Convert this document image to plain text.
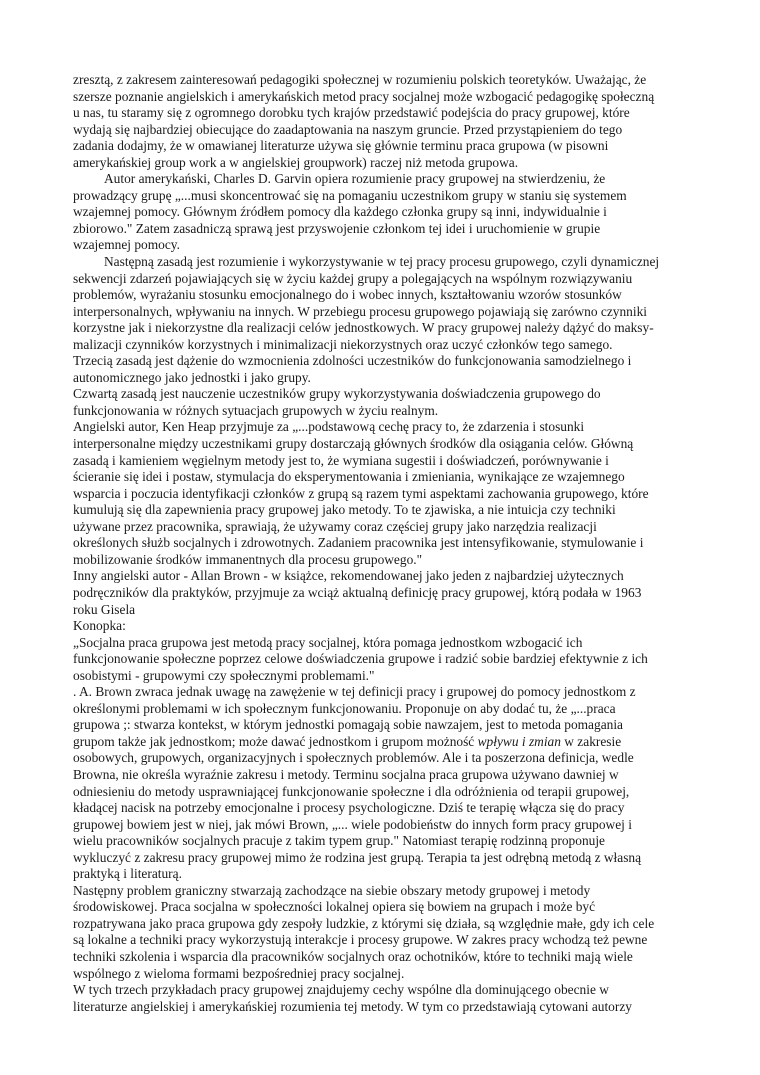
zresztą, z zakresem zainteresowań pedagogiki społecznej w rozumieniu polskich teoretyków. Uważając, że
szersze poznanie angielskich i amerykańskich metod pracy socjalnej może wzbogacić pedagogikę społeczną
u nas, tu staramy się z ogromnego dorobku tych krajów przedstawić podejścia do pracy grupowej, które
wydają się najbardziej obiecujące do zaadaptowania na naszym gruncie. Przed przystąpieniem do tego
zadania dodajmy, że w omawianej literaturze używa się głównie terminu praca grupowa (w pisowni
amerykańskiej group work a w angielskiej groupwork) raczej niż metoda grupowa.
Autor amerykański, Charles D. Garvin opiera rozumienie pracy grupowej na stwierdzeniu, że
prowadzący grupę „...musi skoncentrować się na pomaganiu uczestnikom grupy w staniu się systemem
wzajemnej pomocy. Głównym źródłem pomocy dla każdego członka grupy są inni, indywidualnie i
zbiorowo." Zatem zasadniczą sprawą jest przyswojenie członkom tej idei i uruchomienie w grupie
wzajemnej pomocy.
Następną zasadą jest rozumienie i wykorzystywanie w tej pracy procesu grupowego, czyli dynamicznej
sekwencji zdarzeń pojawiających się w życiu każdej grupy a polegających na wspólnym rozwiązywaniu
problemów, wyrażaniu stosunku emocjonalnego do i wobec innych, kształtowaniu wzorów stosunków
interpersonalnych, wpływaniu na innych. W przebiegu procesu grupowego pojawiają się zarówno czynniki
korzystne jak i niekorzystne dla realizacji celów jednostkowych. W pracy grupowej należy dążyć do maksy-
malizacji czynników korzystnych i minimalizacji niekorzystnych oraz uczyć członków tego samego.
Trzecią zasadą jest dążenie do wzmocnienia zdolności uczestników do funkcjonowania samodzielnego i
autonomicznego jako jednostki i jako grupy.
Czwartą zasadą jest nauczenie uczestników grupy wykorzystywania doświadczenia grupowego do
funkcjonowania w różnych sytuacjach grupowych w życiu realnym.
Angielski autor, Ken Heap przyjmuje za „...podstawową cechę pracy to, że zdarzenia i stosunki
interpersonalne między uczestnikami grupy dostarczają głównych środków dla osiągania celów. Główną
zasadą i kamieniem węgielnym metody jest to, że wymiana sugestii i doświadczeń, porównywanie i
ścieranie się idei i postaw, stymulacja do eksperymentowania i zmieniania, wynikające ze wzajemnego
wsparcia i poczucia identyfikacji członków z grupą są razem tymi aspektami zachowania grupowego, które
kumulują się dla zapewnienia pracy grupowej jako metody. To te zjawiska, a nie intuicja czy techniki
używane przez pracownika, sprawiają, że używamy coraz częściej grupy jako narzędzia realizacji
określonych służb socjalnych i zdrowotnych. Zadaniem pracownika jest intensyfikowanie, stymulowanie i
mobilizowanie środków immanentnych dla procesu grupowego."
Inny angielski autor - Allan Brown - w książce, rekomendowanej jako jeden z najbardziej użytecznych
podręczników dla praktyków, przyjmuje za wciąż aktualną definicję pracy grupowej, którą podała w 1963
roku Gisela
Konopka:
„Socjalna praca grupowa jest metodą pracy socjalnej, która pomaga jednostkom wzbogacić ich
funkcjonowanie społeczne poprzez celowe doświadczenia grupowe i radzić sobie bardziej efektywnie z ich
osobistymi - grupowymi czy społecznymi problemami."
. A. Brown zwraca jednak uwagę na zawężenie w tej definicji pracy i grupowej do pomocy jednostkom z
określonymi problemami w ich społecznym funkcjonowaniu. Proponuje on aby dodać tu, że „...praca
grupowa ;: stwarza kontekst, w którym jednostki pomagają sobie nawzajem, jest to metoda pomagania
grupom także jak jednostkom; może dawać jednostkom i grupom możność wpływu i zmian w zakresie
osobowych, grupowych, organizacyjnych i społecznych problemów. Ale i ta poszerzona definicja, wedle
Browna, nie określa wyraźnie zakresu i metody. Terminu socjalna praca grupowa używano dawniej w
odniesieniu do metody usprawniającej funkcjonowanie społeczne i dla odróżnienia od terapii grupowej,
kładącej nacisk na potrzeby emocjonalne i procesy psychologiczne. Dziś te terapię włącza się do pracy
grupowej bowiem jest w niej, jak mówi Brown, „... wiele podobieństw do innych form pracy grupowej i
wielu pracowników socjalnych pracuje z takim typem grup." Natomiast terapię rodzinną proponuje
wykluczyć z zakresu pracy grupowej mimo że rodzina jest grupą. Terapia ta jest odrębną metodą z własną
praktyką i literaturą.
Następny problem graniczny stwarzają zachodzące na siebie obszary metody grupowej i metody
środowiskowej. Praca socjalna w społeczności lokalnej opiera się bowiem na grupach i może być
rozpatrywana jako praca grupowa gdy zespoły ludzkie, z którymi się działa, są względnie małe, gdy ich cele
są lokalne a techniki pracy wykorzystują interakcje i procesy grupowe. W zakres pracy wchodzą też pewne
techniki szkolenia i wsparcia dla pracowników socjalnych oraz ochotników, które to techniki mają wiele
wspólnego z wieloma formami bezpośredniej pracy socjalnej.
W tych trzech przykładach pracy grupowej znajdujemy cechy wspólne dla dominującego obecnie w
literaturze angielskiej i amerykańskiej rozumienia tej metody. W tym co przedstawiają cytowani autorzy
